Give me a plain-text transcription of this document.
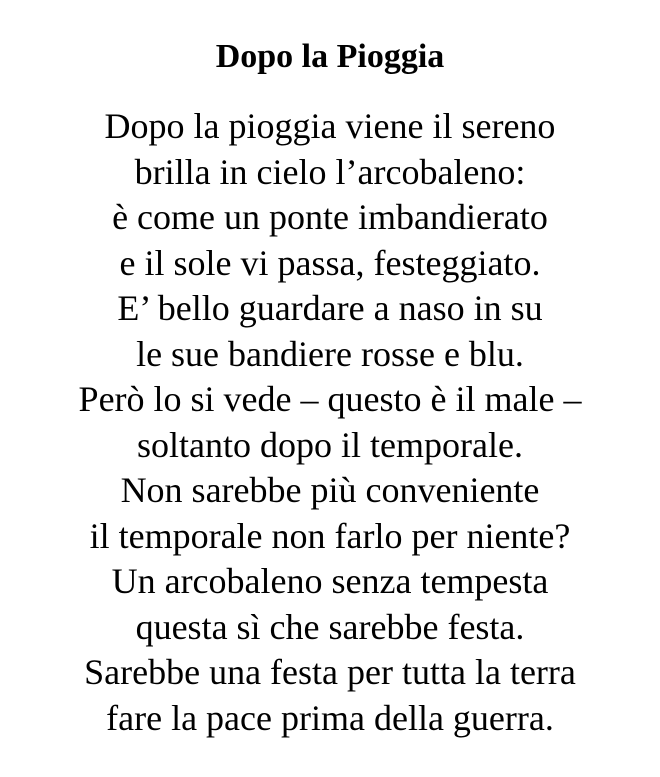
Dopo la Pioggia
Dopo la pioggia viene il sereno
brilla in cielo l’arcobaleno:
è come un ponte imbandierato
e il sole vi passa, festeggiato.
E’ bello guardare a naso in su
le sue bandiere rosse e blu.
Però lo si vede – questo è il male –
soltanto dopo il temporale.
Non sarebbe più conveniente
il temporale non farlo per niente?
Un arcobaleno senza tempesta
questa sì che sarebbe festa.
Sarebbe una festa per tutta la terra
fare la pace prima della guerra.
